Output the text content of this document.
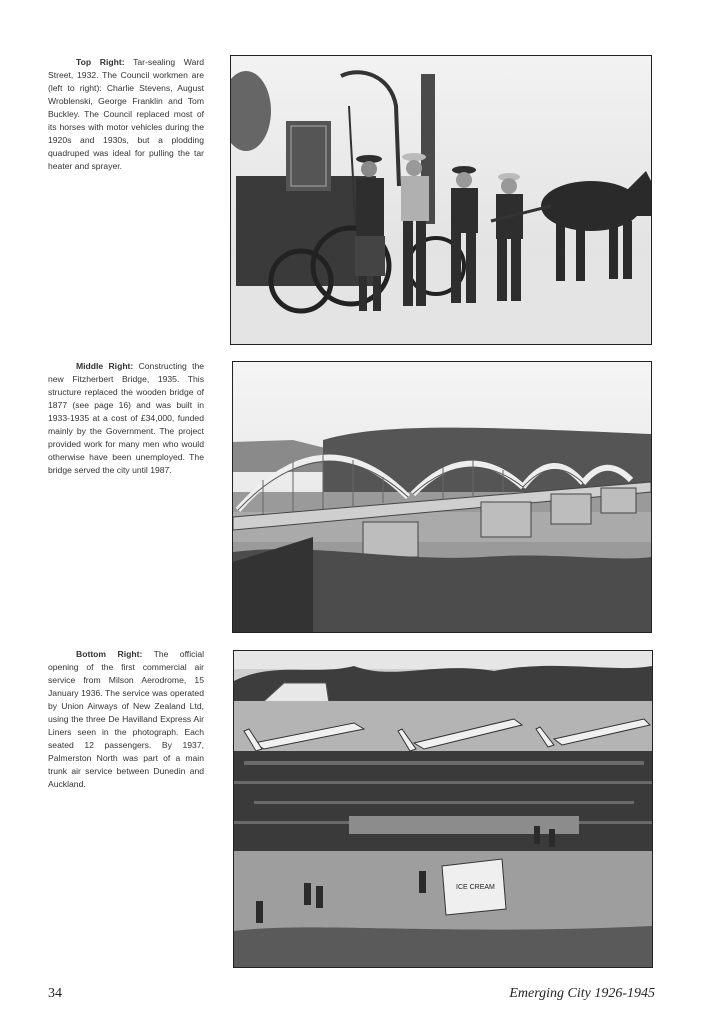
Top Right: Tar-sealing Ward Street, 1932. The Council workmen are (left to right): Charlie Stevens, August Wroblenski, George Franklin and Tom Buckley. The Council replaced most of its horses with motor vehicles during the 1920s and 1930s, but a plodding quadruped was ideal for pulling the tar heater and sprayer.
Middle Right: Constructing the new Fitzherbert Bridge, 1935. This structure replaced the wooden bridge of 1877 (see page 16) and was built in 1933-1935 at a cost of £34,000, funded mainly by the Government. The project provided work for many men who would otherwise have been unemployed. The bridge served the city until 1987.
Bottom Right: The official opening of the first commercial air service from Milson Aerodrome, 15 January 1936. The service was operated by Union Airways of New Zealand Ltd, using the three De Havilland Express Air Liners seen in the photograph. Each seated 12 passengers. By 1937, Palmerston North was part of a main trunk air service between Dunedin and Auckland.
ICE CREAM
34	Emerging City 1926-1945
